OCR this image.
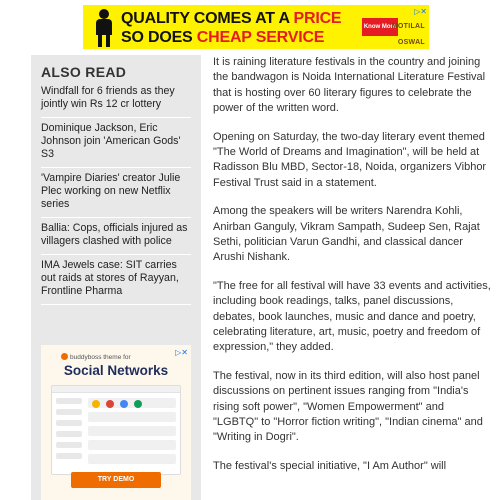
QUALITY COMES AT A PRICE
SO DOES CHEAP SERVICE
Know More
MOTILAL OSWAL
▷✕
ALSO READ
Windfall for 6 friends as they jointly win Rs 12 cr lottery
Dominique Jackson, Eric Johnson join 'American Gods' S3
'Vampire Diaries' creator Julie Plec working on new Netflix series
Ballia: Cops, officials injured as villagers clashed with police
IMA Jewels case: SIT carries out raids at stores of Rayyan, Frontline Pharma
▷✕
buddyboss theme for
Social Networks
TRY DEMO

It is raining literature festivals in the country and joining the bandwagon is Noida International Literature Festival that is hosting over 60 literary figures to celebrate the power of the written word.

Opening on Saturday, the two-day literary event themed "The World of Dreams and Imagination", will be held at Radisson Blu MBD, Sector-18, Noida, organizers Vibhor Festival Trust said in a statement.

Among the speakers will be writers Narendra Kohli, Anirban Ganguly, Vikram Sampath, Sudeep Sen, Rajat Sethi, politician Varun Gandhi, and classical dancer Arushi Nishank.

"The free for all festival will have 33 events and activities, including book readings, talks, panel discussions, debates, book launches, music and dance and poetry, celebrating literature, art, music, poetry and freedom of expression," they added.

The festival, now in its third edition, will also host panel discussions on pertinent issues ranging from "India's rising soft power", "Women Empowerment" and "LGBTQ" to "Horror fiction writing", "Indian cinema" and "Writing in Dogri".

The festival's special initiative, "I Am Author" will
